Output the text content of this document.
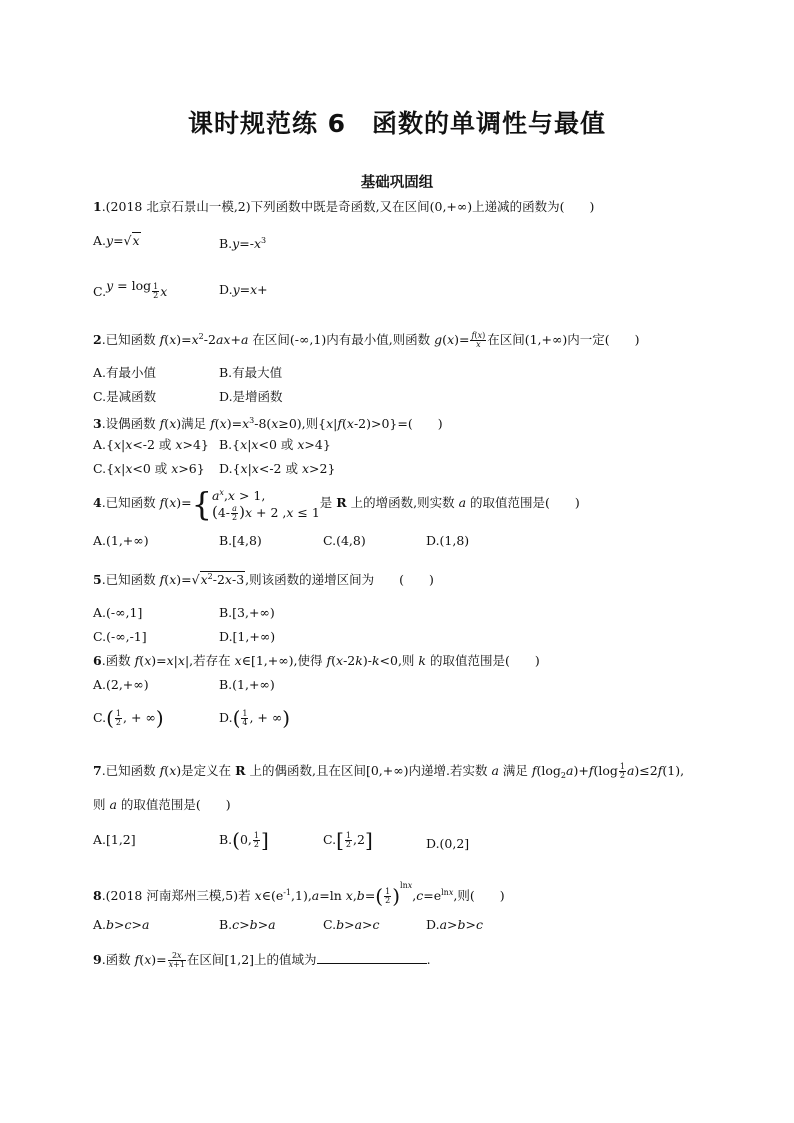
课时规范练 6　函数的单调性与最值
基础巩固组
1.(2018 北京石景山一模,2)下列函数中既是奇函数,又在区间(0,+∞)上递减的函数为(　　)
A.y=√x	$B.y=-x^3$
$C.y = \log \frac{1}{2}$ x	D.y=x+
2.已知函数 $f(x)=x^2-2ax+a$ 在区间(-∞,1)内有最小值,则函数 $g(x)= \frac{f(x)}{x}$ 在区间(1,+∞)内一定(　　)
A.有最小值	B.有最大值
C.是减函数	D.是增函数
3.设偶函数 f(x)满足 $f(x)=x^3-8(x\ge 0)$,则{x|f(x-2)>0}=(　　)
A.{x|x<-2 或 x>4} B.{x|x<0 或 x>4}
C.{x|x<0 或 x>6} D.{x|x<-2 或 x>2}
4.已知函数 f(x)={ $a^x,x > 1$,
$(4- \frac{a}{2} )x + 2$ ,x ≤ 1
是 R 上的增函数,则实数 a 的取值范围是(　　)
A.(1,+∞)	B.[4,8)	C.(4,8)	D.(1,8)
5.已知函数 $f(x)=√x^2-2x-3$,则该函数的递增区间为　　(　　)
A.(-∞,1]	B.[3,+∞)
C.(-∞,-1]	D.[1,+∞)
6.函数 f(x)=x|x|,若存在 x∈[1,+∞),使得 f(x-2k)-k<0,则 k 的取值范围是(　　)
A.(2,+∞)	B.(1,+∞)
$C.( \frac{1}{2}$ , + ∞)	$D.( \frac{1}{4}$ , + ∞)
7.已知函数 f(x)是定义在 R 上的偶函数,且在区间[0,+∞)内递增.若实数 a 满足 $f(\log_2a)+f(\log \frac{1}{2} a)\le 2f(1)$,
则 a 的取值范围是(　　)
A.[1,2]	B.(0, $\frac{1}{2}$ ]	$C.[ \frac{1}{2} ,2]$	D.(0,2]
8.(2018 河南郑州三模,5)若 $x\in(e^{-1},1),a=\ln$ $x,b=( \frac{1}{2} )^{lnx},c=e^{lnx}$,则(　　)
A.b>c>a	B.c>b>a	C.b>a>c	D.a>b>c
9.函数 $f(x)= \frac{2x}{x+1}$ 在区间[1,2]上的值域为	.
